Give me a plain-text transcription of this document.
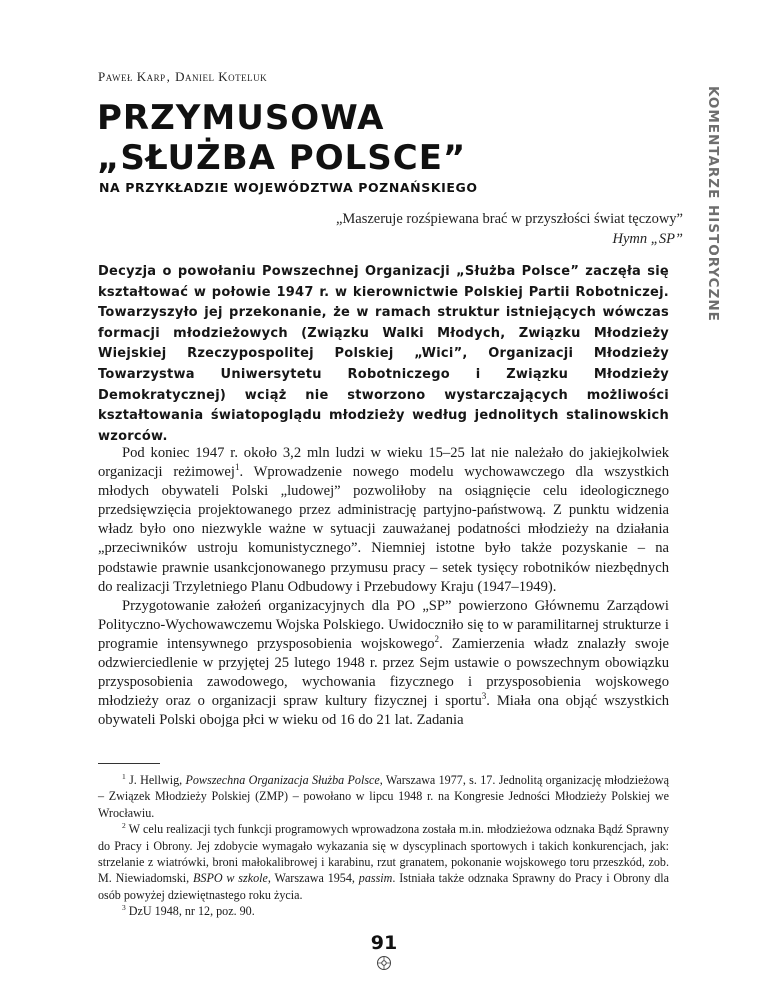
KOMENTARZE HISTORYCZNE
Paweł Karp, Daniel Koteluk
PRZYMUSOWA
„SŁUŻBA POLSCE”
NA PRZYKŁADZIE WOJEWÓDZTWA POZNAŃSKIEGO
„Maszeruje rozśpiewana brać w przyszłości świat tęczowy”
Hymn „SP”
Decyzja o powołaniu Powszechnej Organizacji „Służba Polsce” zaczęła się kształtować w połowie 1947 r. w kierownictwie Polskiej Partii Robotniczej. Towarzyszyło jej przekonanie, że w ramach struktur istniejących wówczas formacji młodzieżowych (Związku Walki Młodych, Związku Młodzieży Wiejskiej Rzeczypospolitej Polskiej „Wici”, Organizacji Młodzieży Towarzystwa Uniwersytetu Robotniczego i Związku Młodzieży Demokratycznej) wciąż nie stworzono wystarczających możliwości kształtowania światopoglądu młodzieży według jednolitych stalinowskich wzorców.

Pod koniec 1947 r. około 3,2 mln ludzi w wieku 15–25 lat nie należało do jakiejkolwiek organizacji reżimowej$^1$. Wprowadzenie nowego modelu wychowawczego dla wszystkich młodych obywateli Polski „ludowej” pozwoliłoby na osiągnięcie celu ideologicznego przedsięwzięcia projektowanego przez administrację partyjno-państwową. Z punktu widzenia władz było ono niezwykle ważne w sytuacji zauważanej podatności młodzieży na działania „przeciwników ustroju komunistycznego”. Niemniej istotne było także pozyskanie – na podstawie prawnie usankcjonowanego przymusu pracy – setek tysięcy robotników niezbędnych do realizacji Trzyletniego Planu Odbudowy i Przebudowy Kraju (1947–1949).

Przygotowanie założeń organizacyjnych dla PO „SP” powierzono Głównemu Zarządowi Polityczno-Wychowawczemu Wojska Polskiego. Uwidoczniło się to w paramilitarnej strukturze i programie intensywnego przysposobienia wojskowego$^2$. Zamierzenia władz znalazły swoje odzwierciedlenie w przyjętej 25 lutego 1948 r. przez Sejm ustawie o powszechnym obowiązku przysposobienia zawodowego, wychowania fizycznego i przysposobienia wojskowego młodzieży oraz o organizacji spraw kultury fizycznej i sportu$^3$. Miała ona objąć wszystkich obywateli Polski obojga płci w wieku od 16 do 21 lat. Zadania

$^1$ J. Hellwig, Powszechna Organizacja Służba Polsce, Warszawa 1977, s. 17. Jednolitą organizację młodzieżową – Związek Młodzieży Polskiej (ZMP) – powołano w lipcu 1948 r. na Kongresie Jedności Młodzieży Polskiej we Wrocławiu.

$^2$ W celu realizacji tych funkcji programowych wprowadzona została m.in. młodzieżowa odznaka Bądź Sprawny do Pracy i Obrony. Jej zdobycie wymagało wykazania się w dyscyplinach sportowych i takich konkurencjach, jak: strzelanie z wiatrówki, broni małokalibrowej i karabinu, rzut granatem, pokonanie wojskowego toru przeszkód, zob. M. Niewiadomski, BSPO w szkole, Warszawa 1954, passim. Istniała także odznaka Sprawny do Pracy i Obrony dla osób powyżej dziewiętnastego roku życia.

$^3$ DzU 1948, nr 12, poz. 90.

91
